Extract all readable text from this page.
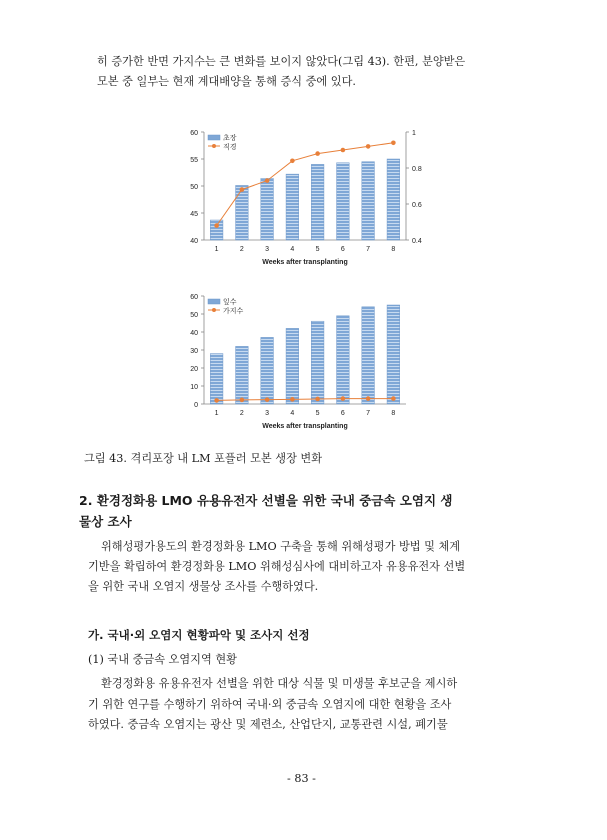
히 증가한 반면 가지수는 큰 변화를 보이지 않았다(그림 43). 한편, 분양받은
모본 중 일부는 현재 계대배양을 통해 증식 중에 있다.
40
45
50
55
60
0.4
0.6
0.8
1
1	2	3	4	5	6	7	8
Weeks after transplanting
초장
직경
0
10
20
30
40
50
60
1	2	3	4	5	6	7	8
Weeks after transplanting
잎수
가지수
그림 43. 격리포장 내 LM 포플러 모본 생장 변화
2. 환경정화용 LMO 유용유전자 선별을 위한 국내 중금속 오염지 생
물상 조사
위해성평가용도의 환경정화용 LMO 구축을 통해 위해성평가 방법 및 체계
기반을 확립하여 환경정화용 LMO 위해성심사에 대비하고자 유용유전자 선별
을 위한 국내 오염지 생물상 조사를 수행하였다.
가. 국내·외 오염지 현황파악 및 조사지 선정
(1) 국내 중금속 오염지역 현황
환경정화용 유용유전자 선별을 위한 대상 식물 및 미생물 후보군을 제시하
기 위한 연구를 수행하기 위하여 국내·외 중금속 오염지에 대한 현황을 조사
하였다. 중금속 오염지는 광산 및 제련소, 산업단지, 교통관련 시설, 폐기물
- 83 -
